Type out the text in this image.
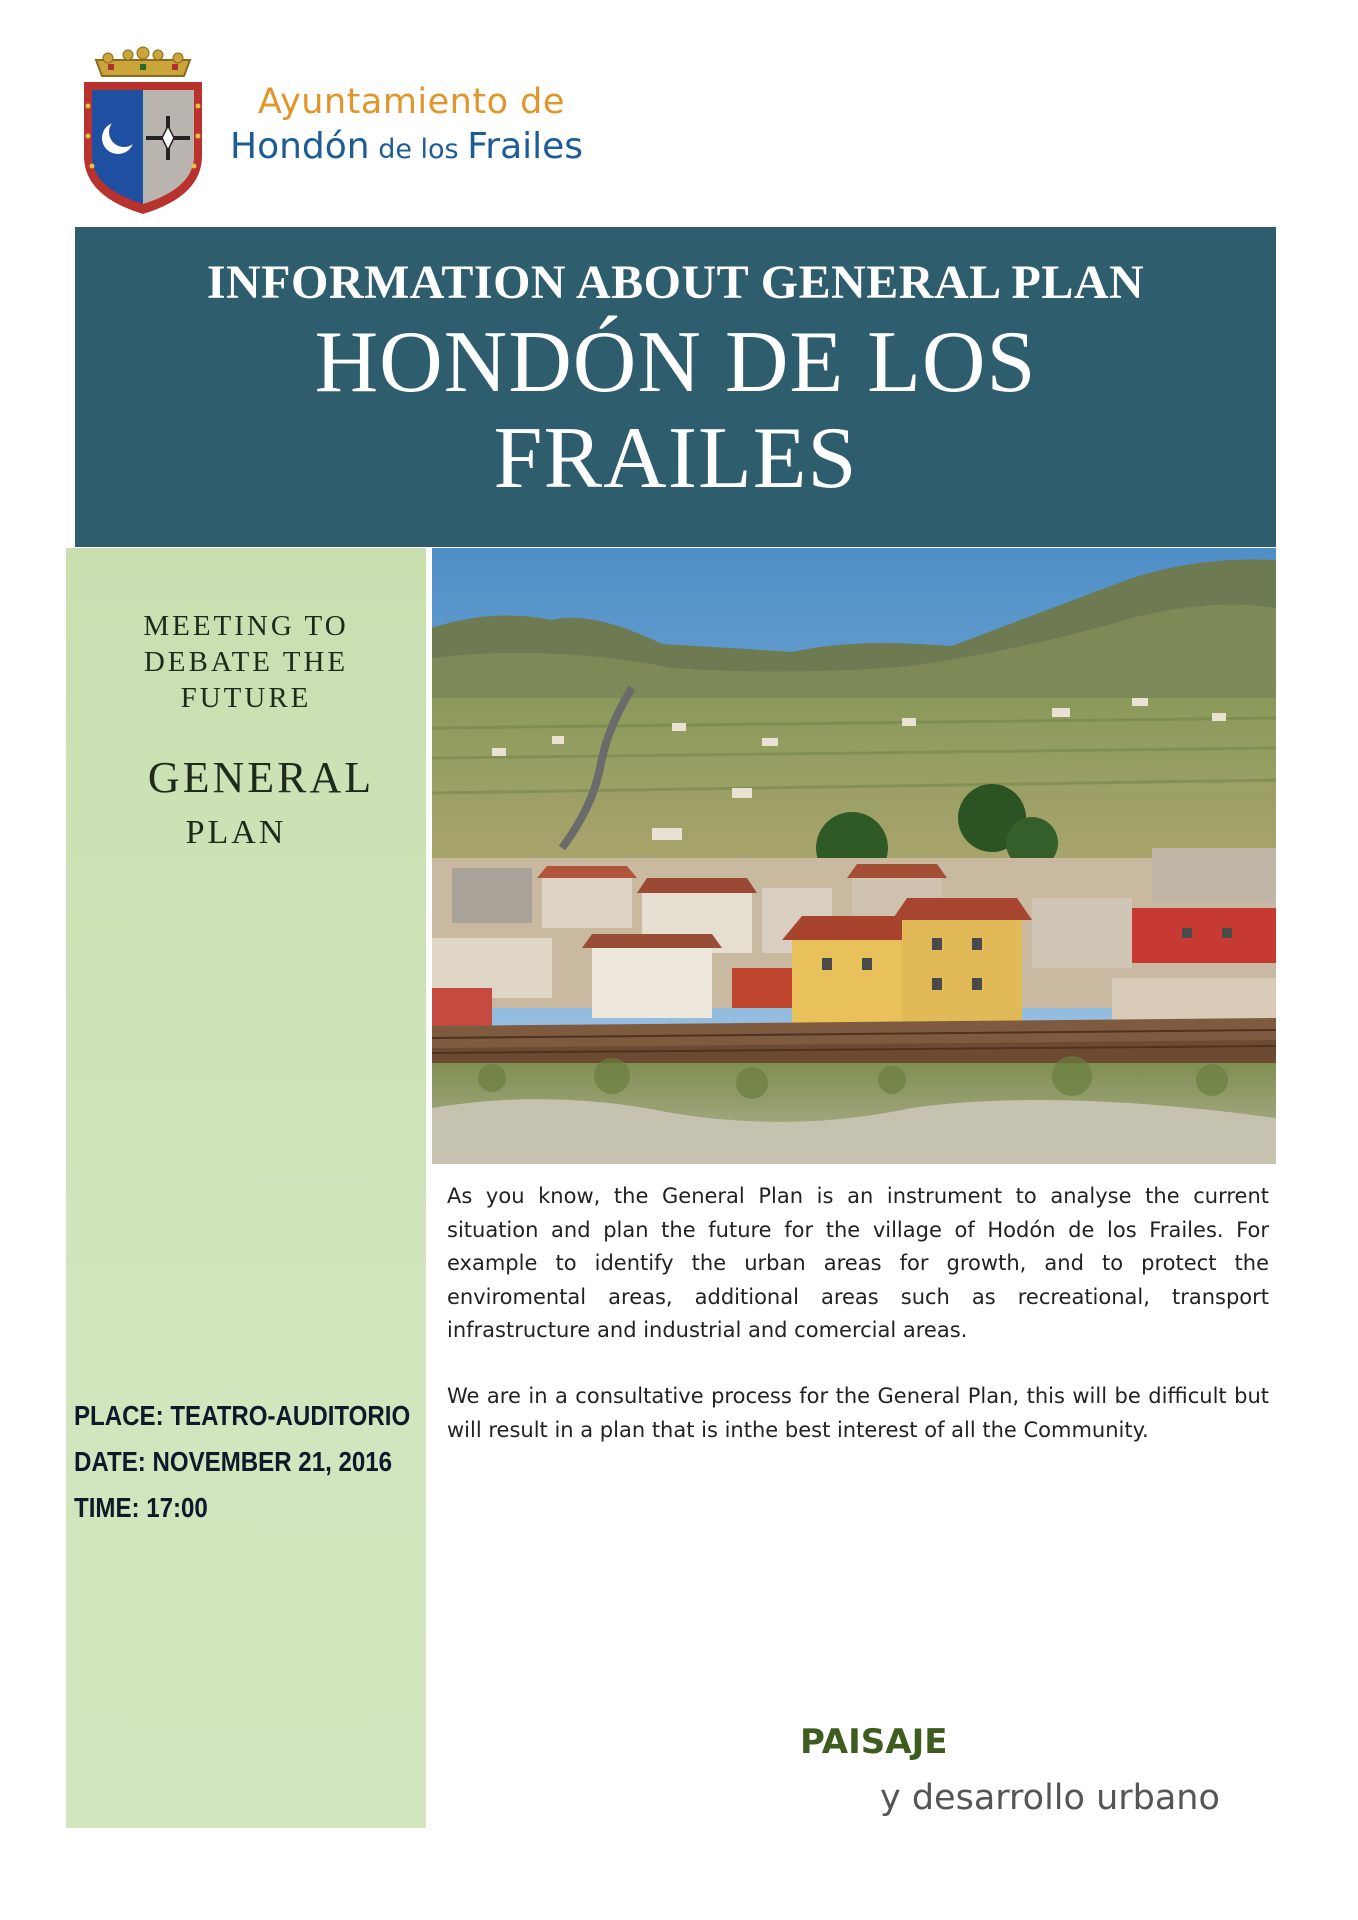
Ayuntamiento de
Hondón de los Frailes
INFORMATION ABOUT GENERAL PLAN
HONDÓN DE LOS
FRAILES
MEETING TO
DEBATE THE
FUTURE
GENERAL
PLAN
PLACE: TEATRO-AUDITORIO
DATE: NOVEMBER 21, 2016
TIME: 17:00
As you know, the General Plan is an instrument to analyse the current situation and plan the future for the village of Hodón de los Frailes. For example to identify the urban areas for growth, and to protect the enviromental areas, additional areas such as recreational, transport infrastructure and industrial and comercial areas.
We are in a consultative process for the General Plan, this will be difficult but will result in a plan that is inthe best interest of all the Community.
PAISAJE
y desarrollo urbano
